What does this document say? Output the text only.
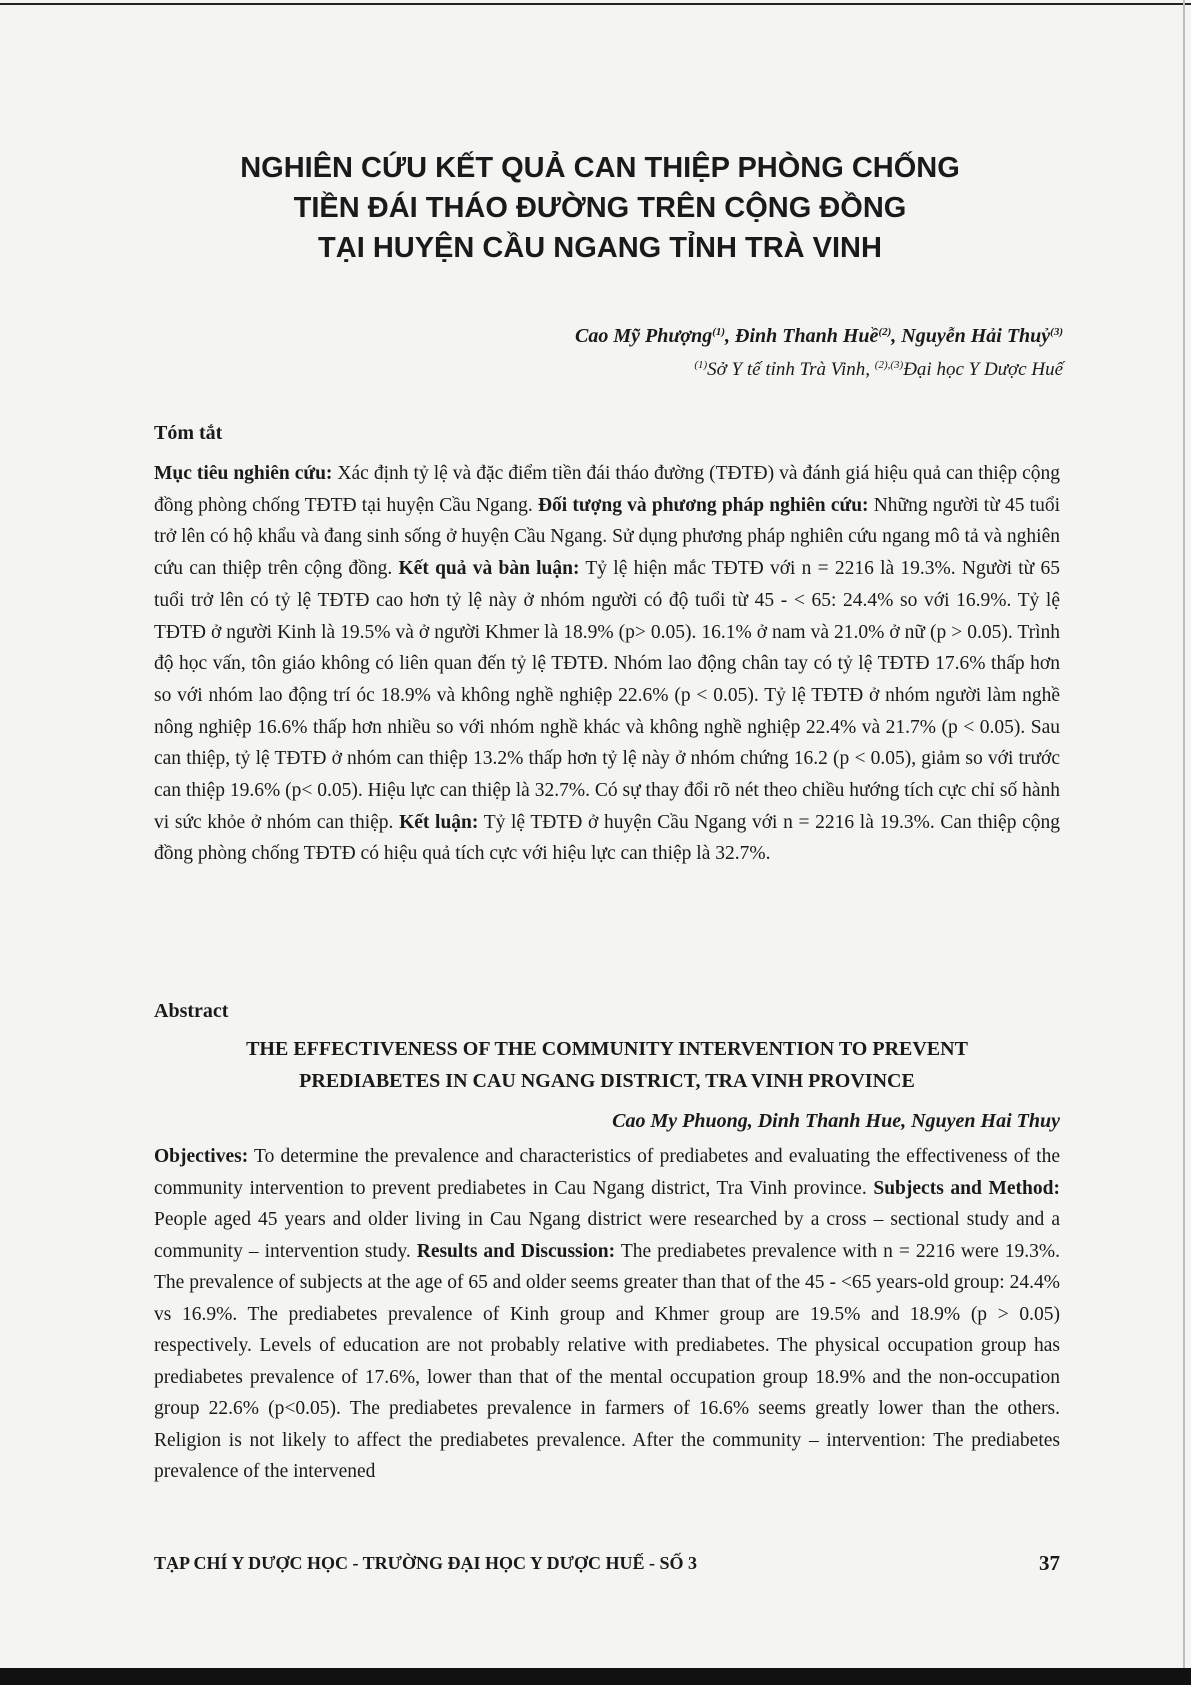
NGHIÊN CỨU KẾT QUẢ CAN THIỆP PHÒNG CHỐNG
TIỀN ĐÁI THÁO ĐƯỜNG TRÊN CỘNG ĐỒNG
TẠI HUYỆN CẦU NGANG TỈNH TRÀ VINH
Cao Mỹ Phượng$^{(1)}$, Đinh Thanh Huề$^{(2)}$, Nguyễn Hải Thuỷ$^{(3)}$
$^{(1)}$Sở Y tế tỉnh Trà Vinh, $^{(2),(3)}$Đại học Y Dược Huế
Tóm tắt

Mục tiêu nghiên cứu: Xác định tỷ lệ và đặc điểm tiền đái tháo đường (TĐTĐ) và đánh giá hiệu quả can thiệp cộng đồng phòng chống TĐTĐ tại huyện Cầu Ngang. Đối tượng và phương pháp nghiên cứu: Những người từ 45 tuổi trở lên có hộ khẩu và đang sinh sống ở huyện Cầu Ngang. Sử dụng phương pháp nghiên cứu ngang mô tả và nghiên cứu can thiệp trên cộng đồng. Kết quả và bàn luận: Tỷ lệ hiện mắc TĐTĐ với n = 2216 là 19.3%. Người từ 65 tuổi trở lên có tỷ lệ TĐTĐ cao hơn tỷ lệ này ở nhóm người có độ tuổi từ 45 - < 65: 24.4% so với 16.9%. Tỷ lệ TĐTĐ ở người Kinh là 19.5% và ở người Khmer là 18.9% (p> 0.05). 16.1% ở nam và 21.0% ở nữ (p > 0.05). Trình độ học vấn, tôn giáo không có liên quan đến tỷ lệ TĐTĐ. Nhóm lao động chân tay có tỷ lệ TĐTĐ 17.6% thấp hơn so với nhóm lao động trí óc 18.9% và không nghề nghiệp 22.6% (p < 0.05). Tỷ lệ TĐTĐ ở nhóm người làm nghề nông nghiệp 16.6% thấp hơn nhiều so với nhóm nghề khác và không nghề nghiệp 22.4% và 21.7% (p < 0.05). Sau can thiệp, tỷ lệ TĐTĐ ở nhóm can thiệp 13.2% thấp hơn tỷ lệ này ở nhóm chứng 16.2 (p < 0.05), giảm so với trước can thiệp 19.6% (p< 0.05). Hiệu lực can thiệp là 32.7%. Có sự thay đổi rõ nét theo chiều hướng tích cực chỉ số hành vi sức khỏe ở nhóm can thiệp. Kết luận: Tỷ lệ TĐTĐ ở huyện Cầu Ngang với n = 2216 là 19.3%. Can thiệp cộng đồng phòng chống TĐTĐ có hiệu quả tích cực với hiệu lực can thiệp là 32.7%.

Abstract
THE EFFECTIVENESS OF THE COMMUNITY INTERVENTION TO PREVENT
PREDIABETES IN CAU NGANG DISTRICT, TRA VINH PROVINCE
Cao My Phuong, Dinh Thanh Hue, Nguyen Hai Thuy

Objectives: To determine the prevalence and characteristics of prediabetes and evaluating the effectiveness of the community intervention to prevent prediabetes in Cau Ngang district, Tra Vinh province. Subjects and Method: People aged 45 years and older living in Cau Ngang district were researched by a cross – sectional study and a community – intervention study. Results and Discussion: The prediabetes prevalence with n = 2216 were 19.3%. The prevalence of subjects at the age of 65 and older seems greater than that of the 45 - <65 years-old group: 24.4% vs 16.9%. The prediabetes prevalence of Kinh group and Khmer group are 19.5% and 18.9% (p > 0.05) respectively. Levels of education are not probably relative with prediabetes. The physical occupation group has prediabetes prevalence of 17.6%, lower than that of the mental occupation group 18.9% and the non-occupation group 22.6% (p<0.05). The prediabetes prevalence in farmers of 16.6% seems greatly lower than the others. Religion is not likely to affect the prediabetes prevalence. After the community – intervention: The prediabetes prevalence of the intervened

TẠP CHÍ Y DƯỢC HỌC - TRƯỜNG ĐẠI HỌC Y DƯỢC HUẾ - SỐ 3	37
